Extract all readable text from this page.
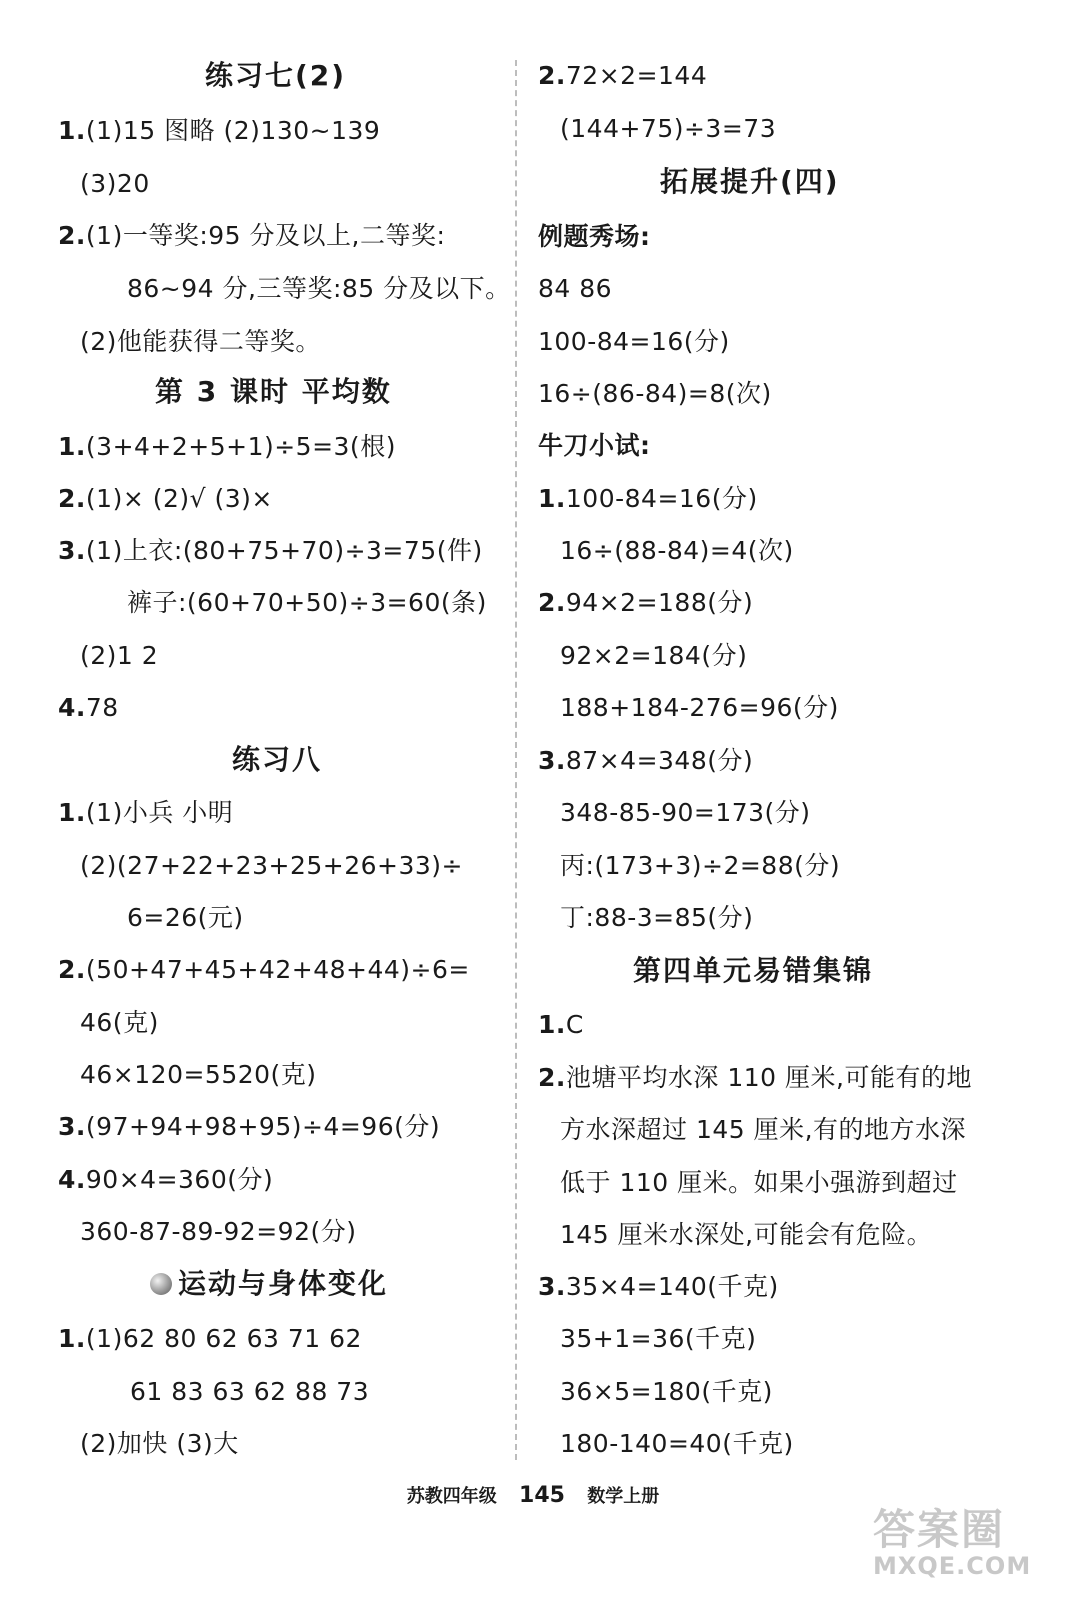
练习七(2)
1.(1)15 图略 (2)130~139
(3)20
2.(1)一等奖:95 分及以上,二等奖:
86~94 分,三等奖:85 分及以下。
(2)他能获得二等奖。
第 3 课时 平均数
1.(3+4+2+5+1)÷5=3(根)
2.(1)× (2)√ (3)×
3.(1)上衣:(80+75+70)÷3=75(件)
裤子:(60+70+50)÷3=60(条)
(2)1 2
4.78
练习八
1.(1)小兵 小明
(2)(27+22+23+25+26+33)÷
6=26(元)
2.(50+47+45+42+48+44)÷6=
46(克)
46×120=5520(克)
3.(97+94+98+95)÷4=96(分)
4.90×4=360(分)
360-87-89-92=92(分)
运动与身体变化
1.(1)62 80 62 63 71 62
61 83 63 62 88 73
(2)加快 (3)大
2.72×2=144
(144+75)÷3=73
拓展提升(四)
例题秀场:
84 86
100-84=16(分)
16÷(86-84)=8(次)
牛刀小试:
1.100-84=16(分)
16÷(88-84)=4(次)
2.94×2=188(分)
92×2=184(分)
188+184-276=96(分)
3.87×4=348(分)
348-85-90=173(分)
丙:(173+3)÷2=88(分)
丁:88-3=85(分)
第四单元易错集锦
1.C
2.池塘平均水深 110 厘米,可能有的地
方水深超过 145 厘米,有的地方水深
低于 110 厘米。如果小强游到超过
145 厘米水深处,可能会有危险。
3.35×4=140(千克)
35+1=36(千克)
36×5=180(千克)
180-140=40(千克)
苏教四年级 145 数学上册
答案圈
MXQE.COM
